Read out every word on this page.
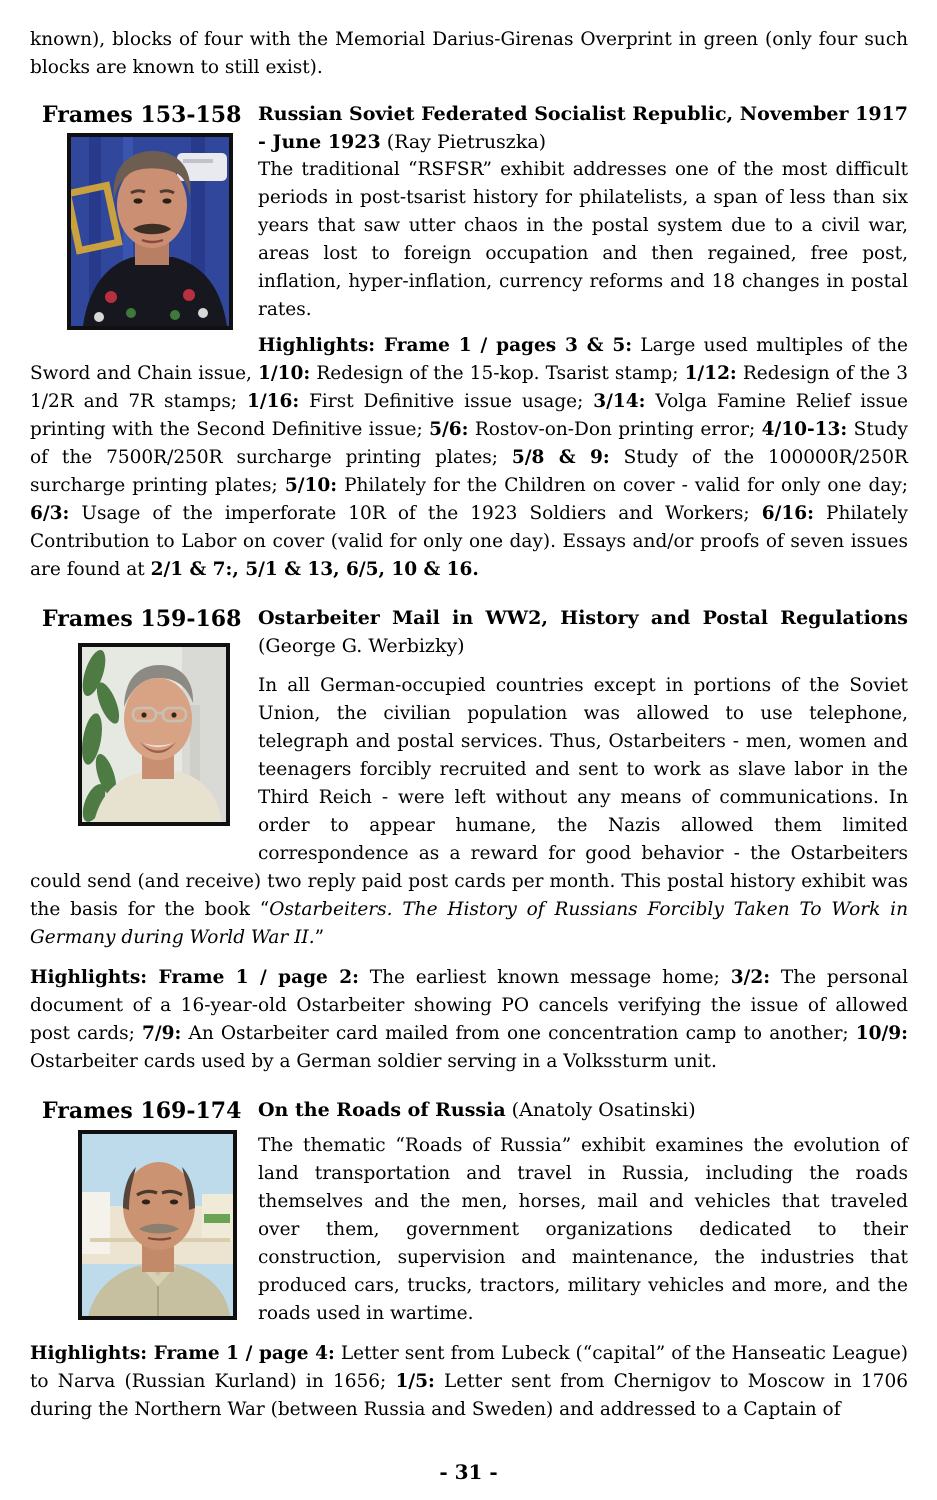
known), blocks of four with the Memorial Darius-Girenas Overprint in green (only four such blocks are known to still exist).

Frames 153-158 Russian Soviet Federated Socialist Republic, November 1917 - June 1923 (Ray Pietruszka)

The traditional “RSFSR” exhibit addresses one of the most difficult periods in post-tsarist history for philatelists, a span of less than six years that saw utter chaos in the postal system due to a civil war, areas lost to foreign occupation and then regained, free post, inflation, hyper-inflation, currency reforms and 18 changes in postal rates.

Highlights: Frame 1 / pages 3 & 5: Large used multiples of the Sword and Chain issue, 1/10: Redesign of the 15-kop. Tsarist stamp; 1/12: Redesign of the 3 1/2R and 7R stamps; 1/16: First Definitive issue usage; 3/14: Volga Famine Relief issue printing with the Second Definitive issue; 5/6: Rostov-on-Don printing error; 4/10-13: Study of the 7500R/250R surcharge printing plates; 5/8 & 9: Study of the 100000R/250R surcharge printing plates; 5/10: Philately for the Children on cover - valid for only one day; 6/3: Usage of the imperforate 10R of the 1923 Soldiers and Workers; 6/16: Philately Contribution to Labor on cover (valid for only one day). Essays and/or proofs of seven issues are found at 2/1 & 7:, 5/1 & 13, 6/5, 10 & 16.

Frames 159-168 Ostarbeiter Mail in WW2, History and Postal Regulations (George G. Werbizky)

In all German-occupied countries except in portions of the Soviet Union, the civilian population was allowed to use telephone, telegraph and postal services. Thus, Ostarbeiters - men, women and teenagers forcibly recruited and sent to work as slave labor in the Third Reich - were left without any means of communications. In order to appear humane, the Nazis allowed them limited correspondence as a reward for good behavior - the Ostarbeiters could send (and receive) two reply paid post cards per month. This postal history exhibit was the basis for the book “Ostarbeiters. The History of Russians Forcibly Taken To Work in Germany during World War II.”

Highlights: Frame 1 / page 2: The earliest known message home; 3/2: The personal document of a 16-year-old Ostarbeiter showing PO cancels verifying the issue of allowed post cards; 7/9: An Ostarbeiter card mailed from one concentration camp to another; 10/9: Ostarbeiter cards used by a German soldier serving in a Volkssturm unit.

Frames 169-174 On the Roads of Russia (Anatoly Osatinski)

The thematic “Roads of Russia” exhibit examines the evolution of land transportation and travel in Russia, including the roads themselves and the men, horses, mail and vehicles that traveled over them, government organizations dedicated to their construction, supervision and maintenance, the industries that produced cars, trucks, tractors, military vehicles and more, and the roads used in wartime.

Highlights: Frame 1 / page 4: Letter sent from Lubeck (“capital” of the Hanseatic League) to Narva (Russian Kurland) in 1656; 1/5: Letter sent from Chernigov to Moscow in 1706 during the Northern War (between Russia and Sweden) and addressed to a Captain of

- 31 -
